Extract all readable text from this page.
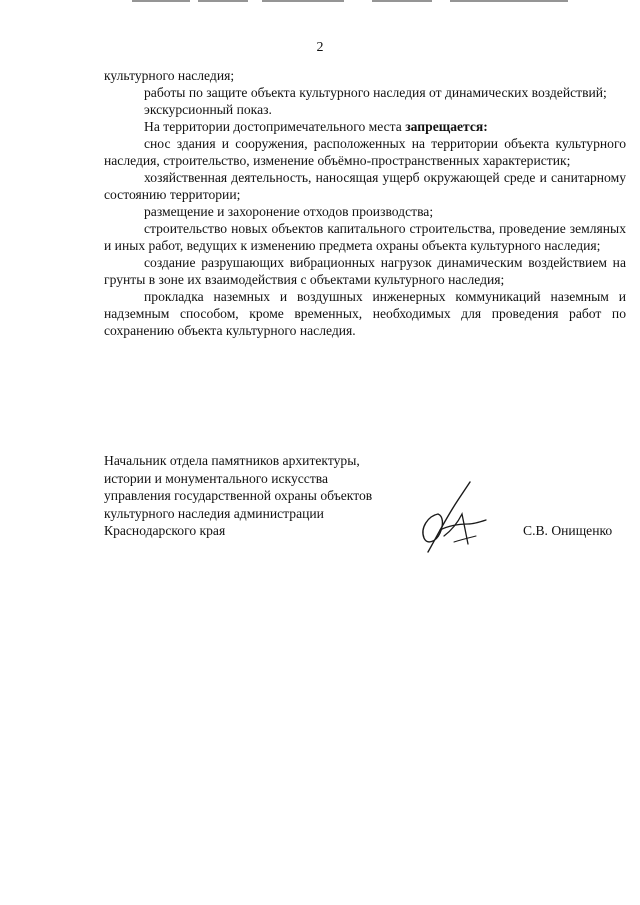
2

культурного наследия;

работы по защите объекта культурного наследия от динамических воздействий;

экскурсионный показ.

На территории достопримечательного места запрещается:

снос здания и сооружения, расположенных на территории объекта культурного наследия, строительство, изменение объёмно-пространственных характеристик;

хозяйственная деятельность, наносящая ущерб окружающей среде и санитарному состоянию территории;

размещение и захоронение отходов производства;

строительство новых объектов капитального строительства, проведение земляных и иных работ, ведущих к изменению предмета охраны объекта культурного наследия;

создание разрушающих вибрационных нагрузок динамическим воздействием на грунты в зоне их взаимодействия с объектами культурного наследия;

прокладка наземных и воздушных инженерных коммуникаций наземным и надземным способом, кроме временных, необходимых для проведения работ по сохранению объекта культурного наследия.

Начальник отдела памятников архитектуры,
истории и монументального искусства
управления государственной охраны объектов
культурного наследия администрации
Краснодарского края	С.В. Онищенко
